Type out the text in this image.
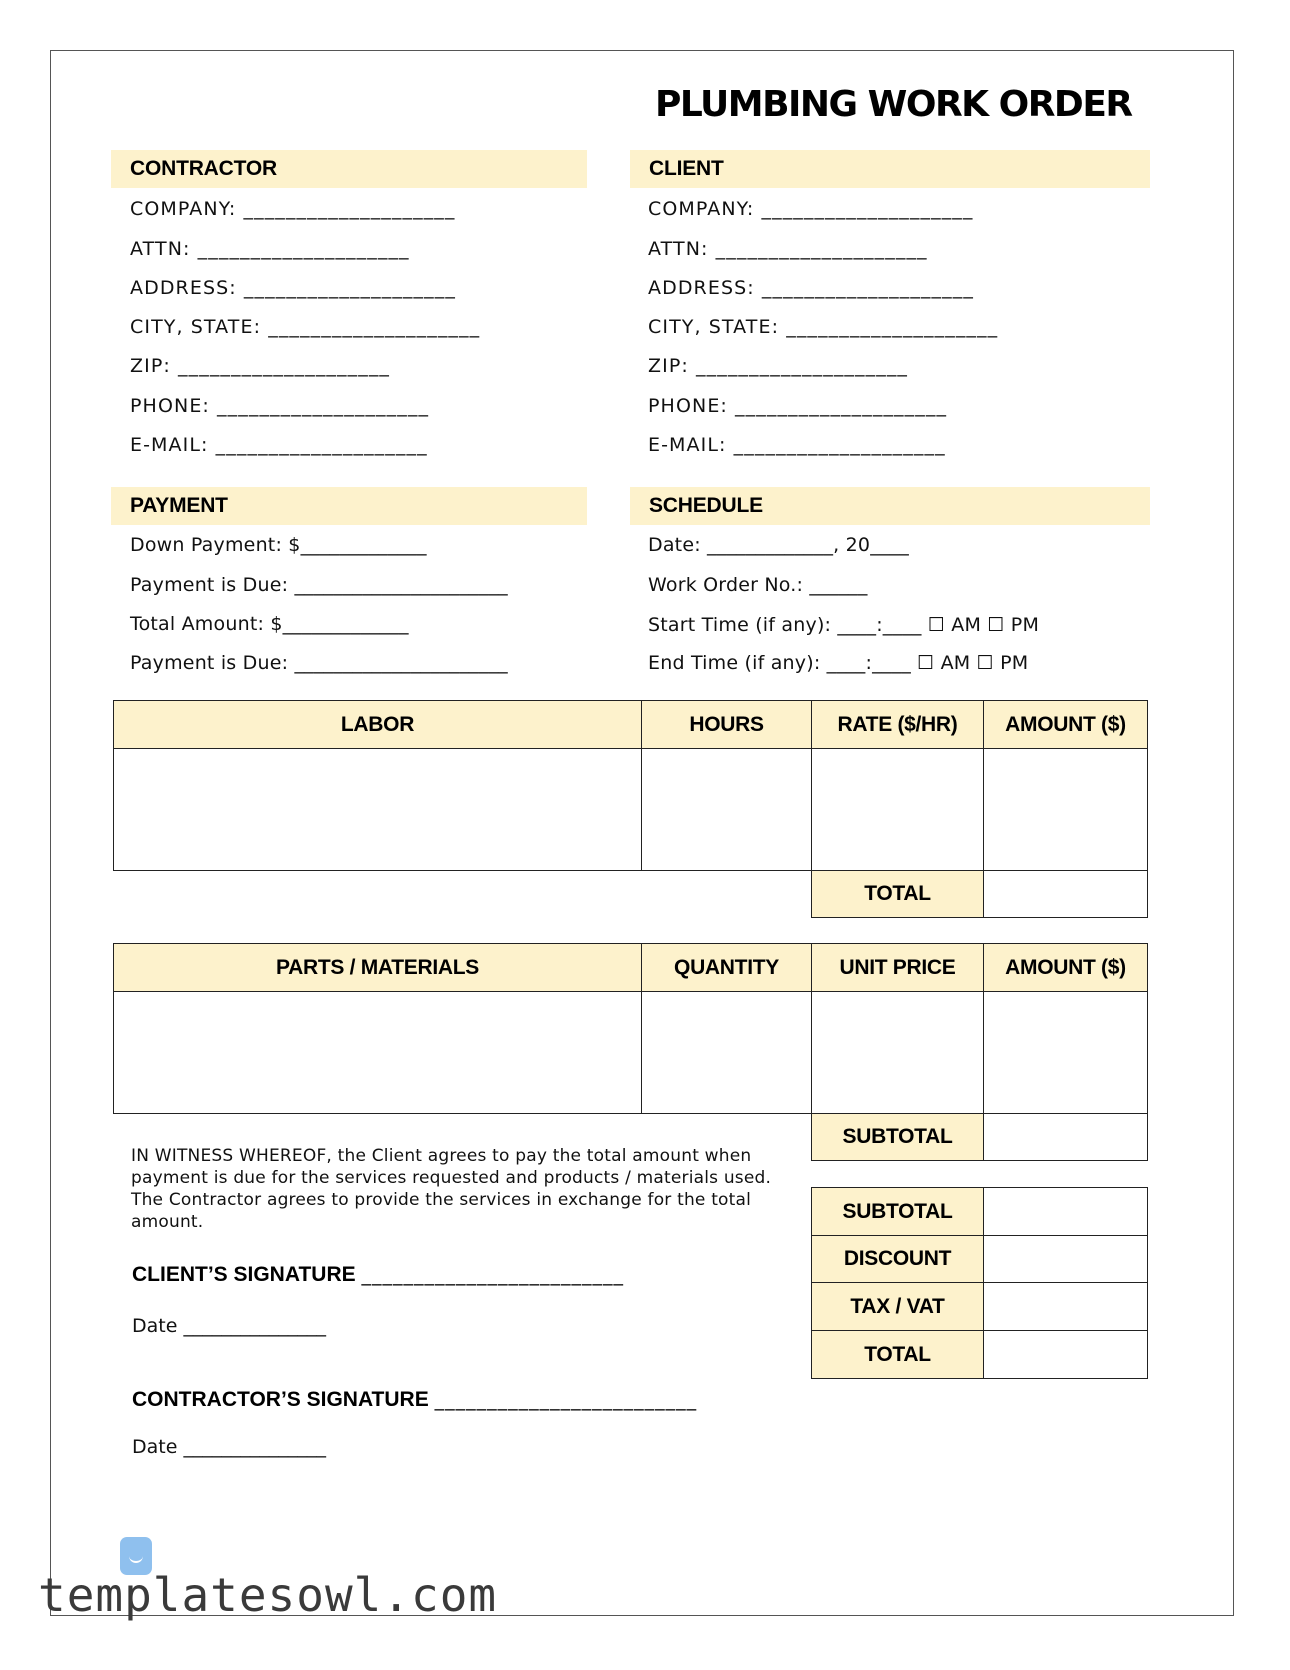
PLUMBING WORK ORDER
CONTRACTOR
COMPANY: ____________________
ATTN: ____________________
ADDRESS: ____________________
CITY, STATE: ____________________
ZIP: ____________________
PHONE: ____________________
E-MAIL: ____________________
CLIENT
COMPANY: ____________________
ATTN: ____________________
ADDRESS: ____________________
CITY, STATE: ____________________
ZIP: ____________________
PHONE: ____________________
E-MAIL: ____________________
PAYMENT
Down Payment: $_____________
Payment is Due: ______________________
Total Amount: $_____________
Payment is Due: ______________________
SCHEDULE
Date: _____________, 20____
Work Order No.: ______
Start Time (if any): ____:____ ☐ AM ☐ PM
End Time (if any): ____:____ ☐ AM ☐ PM
LABOR	HOURS	RATE ($/HR)	AMOUNT ($)

		TOTAL	
PARTS / MATERIALS	QUANTITY	UNIT PRICE	AMOUNT ($)

		SUBTOTAL	
SUBTOTAL	
DISCOUNT	
TAX / VAT	
TOTAL	
IN WITNESS WHEREOF, the Client agrees to pay the total amount when payment is due for the services requested and products / materials used. The Contractor agrees to provide the services in exchange for the total amount.
CLIENT’S SIGNATURE _________________________
Date _______________
CONTRACTOR’S SIGNATURE _________________________
Date _______________
templatesowl.com
